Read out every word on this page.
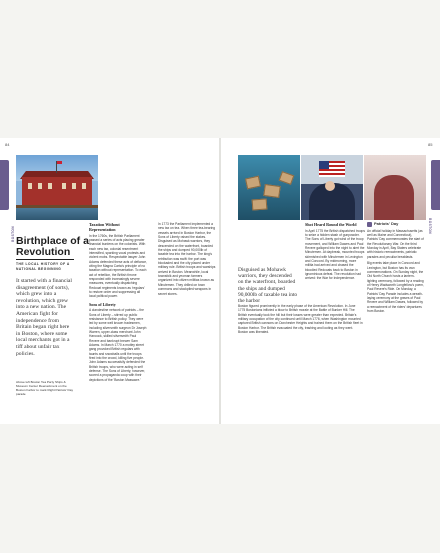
84	85
BOSTON
BOSTON
Birthplace of a Revolution
THE LOCAL HISTORY OF A NATIONAL BEGINNING
It started with a financial disagreement (of sorts), which grew into a revolution, which grew into a new nation. The American fight for independence from Britain began right here in Boston, where some local merchants got in a tiff about unfair tax policies.
Above left Boston Tea Party Ships & Museum Center Reenactment on the Boston harbor to mark Right Patriots' Day parade
Taxation Without Representation

In the 1760s, the British Parliament passed a series of acts placing greater financial burdens on the colonists. With each new tax, colonial resentment intensified, sparking vocal protests and violent mobs. Respectable lawyer John Adams defended these acts of defiance, citing the Magna Carta's principle of no taxation without representation. To each act of rebellion, the British throne responded with increasingly severe measures, eventually dispatching Redcoat regiments known as 'regulars' to restore order and suppressing all local political power.

Sons of Liberty

A clandestine network of patriots – the Sons of Liberty – stirred up public resistance to British policy. They were led by some well known tradesmen, including silversmith surgeon Dr Joseph Warren, upper-class merchant John Hancock, skilled silversmith Paul Revere and bankrupt brewer Sam Adams. In March 1770 a motley street gang provoked British regulars with taunts and snowballs until the troops fired into the crowd, killing five people. John Adams successfully defended the British troops, who were acting in self defense. The Sons of Liberty, however, scored a propaganda coup with their depictions of the 'Boston Massacre.'

In 1773 the Parliament implemented a new tax on tea. When three tea-bearing vessels arrived in Boston Harbor, the Sons of Liberty raised the stakes. Disguised as Mohawk warriors, they descended on the waterfront, boarded the ships and dumped 90,000lb of taxable tea into the harbor. The king's retribution was swift: the port was blockaded and the city placed under military rule. British troops and warships arrived in Boston. Meanwhile, local townsfolk and yeoman farmers organized into citizen militias known as Minutemen. They drilled on town commons and stockpiled weapons in secret stores.

Disguised as Mohawk warriors, they descended on the waterfront, boarded the ships and dumped 90,000lb of taxable tea into the harbor
Shot Heard Round the World

In April 1775 the British dispatched troops to seize a hidden stash of gunpowder. The Sons of Liberty got wind of the troop movement, and William Dawes and Paul Revere galloped into the night to alert the Minutemen. At daybreak, mounted troops skirmished with Minutemen in Lexington and Concord. By midmorning, more militia had arrived and chased the bloodied Redcoats back to Boston in ignominious defeat. The revolution had arrived: the War for Independence.

Boston figured prominently in the early phase of the American Revolution. In June 1775 Bostonians inflicted a blow to British morale at the Battle of Bunker Hill. The British eventually took the hill but their losses were greater than expected. Britain's military occupation of the city continued until March 1776, when Washington mounted captured British cannons on Dorchester Heights and trained them on the British fleet in Boston Harbor. The British evacuated the city, trashing and looting as they went. Boston was liberated.

Patriots' Day

An official holiday in Massachusetts (as well as Maine and Connecticut), Patriots' Day commemorates the start of the Revolutionary War. On the third Monday in April, Bay Staters celebrate with historic reenactments, patriotic parades and peculiar breakfasts.

Big events take place in Concord and Lexington, but Boston has its own commemorations. On Sunday night, the Old North Church hosts a lantern-lighting ceremony, followed by a reading of Henry Wadsworth Longfellow's poem, Paul Revere's Ride. On Monday, a Patriots' Day Parade includes a wreath-laying ceremony at the graves of Paul Revere and William Dawes, followed by a reenactment of the riders' departures from Boston.
